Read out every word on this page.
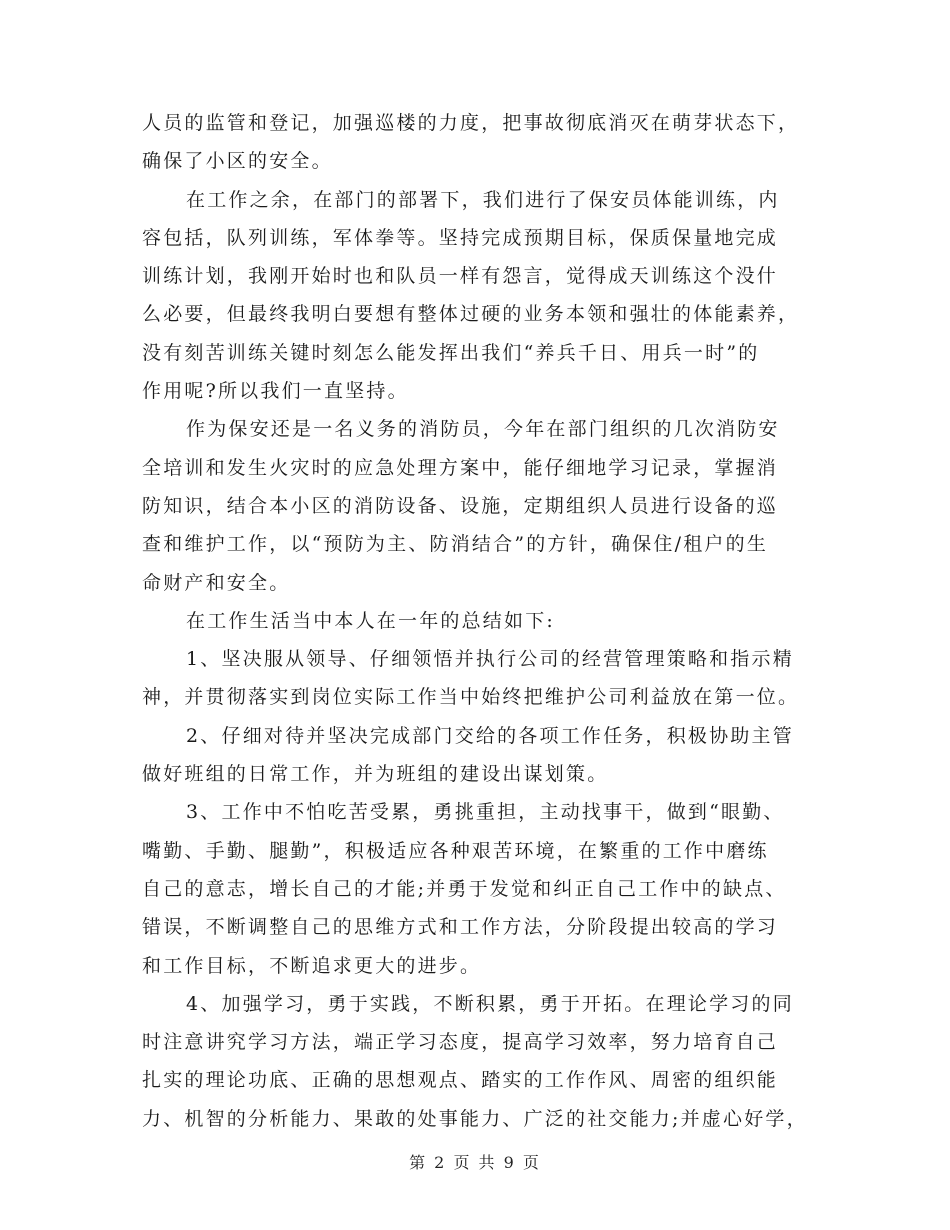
人员的监管和登记，加强巡楼的力度，把事故彻底消灭在萌芽状态下，
确保了小区的安全。
在工作之余，在部门的部署下，我们进行了保安员体能训练，内
容包括，队列训练，军体拳等。坚持完成预期目标，保质保量地完成
训练计划，我刚开始时也和队员一样有怨言，觉得成天训练这个没什
么必要，但最终我明白要想有整体过硬的业务本领和强壮的体能素养，
没有刻苦训练关键时刻怎么能发挥出我们“养兵千日、用兵一时”的
作用呢?所以我们一直坚持。
作为保安还是一名义务的消防员，今年在部门组织的几次消防安
全培训和发生火灾时的应急处理方案中，能仔细地学习记录，掌握消
防知识，结合本小区的消防设备、设施，定期组织人员进行设备的巡
查和维护工作，以“预防为主、防消结合”的方针，确保住/租户的生
命财产和安全。
在工作生活当中本人在一年的总结如下:
1、坚决服从领导、仔细领悟并执行公司的经营管理策略和指示精
神，并贯彻落实到岗位实际工作当中始终把维护公司利益放在第一位。
2、仔细对待并坚决完成部门交给的各项工作任务，积极协助主管
做好班组的日常工作，并为班组的建设出谋划策。
3、工作中不怕吃苦受累，勇挑重担，主动找事干，做到“眼勤、
嘴勤、手勤、腿勤”，积极适应各种艰苦环境，在繁重的工作中磨练
自己的意志，增长自己的才能;并勇于发觉和纠正自己工作中的缺点、
错误，不断调整自己的思维方式和工作方法，分阶段提出较高的学习
和工作目标，不断追求更大的进步。
4、加强学习，勇于实践，不断积累，勇于开拓。在理论学习的同
时注意讲究学习方法，端正学习态度，提高学习效率，努力培育自己
扎实的理论功底、正确的思想观点、踏实的工作作风、周密的组织能
力、机智的分析能力、果敢的处事能力、广泛的社交能力;并虚心好学，
第 2 页 共 9 页
